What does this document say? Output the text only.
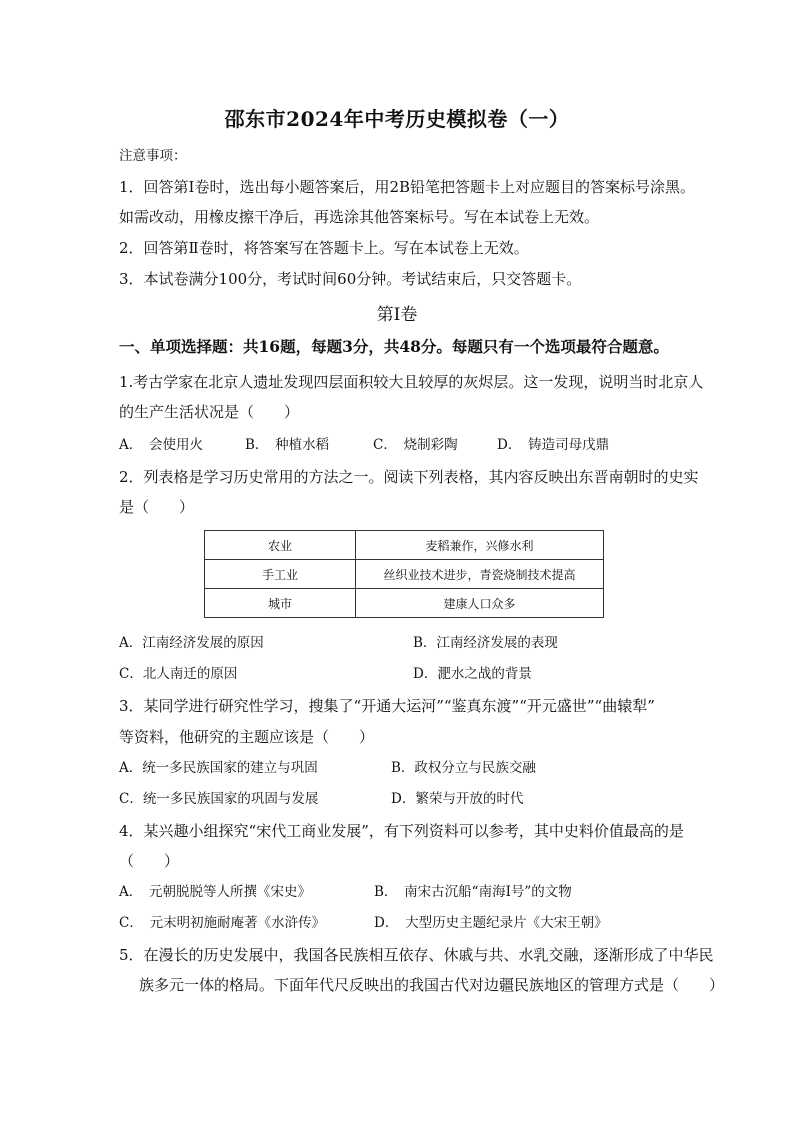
邵东市2024年中考历史模拟卷（一）
注意事项：
1．回答第Ⅰ卷时，选出每小题答案后，用2B铅笔把答题卡上对应题目的答案标号涂黑。
如需改动，用橡皮擦干净后，再选涂其他答案标号。写在本试卷上无效。
2．回答第Ⅱ卷时，将答案写在答题卡上。写在本试卷上无效。
3．本试卷满分100分，考试时间60分钟。考试结束后，只交答题卡。
第Ⅰ卷
一、单项选择题：共16题，每题3分，共48分。每题只有一个选项最符合题意。
1.考古学家在北京人遗址发现四层面积较大且较厚的灰烬层。这一发现，说明当时北京人
的生产生活状况是（　　）
A．　会使用火	B．　种植水稻	C．　烧制彩陶	D．　铸造司母戊鼎
2．列表格是学习历史常用的方法之一。阅读下列表格，其内容反映出东晋南朝时的史实
是（　　）
农业	麦稻兼作，兴修水利
手工业	丝织业技术进步，青瓷烧制技术提高
城市	建康人口众多
A．江南经济发展的原因	B．江南经济发展的表现
C．北人南迁的原因	D．淝水之战的背景
3．某同学进行研究性学习，搜集了“开通大运河”“鉴真东渡”“开元盛世”“曲辕犁”
等资料，他研究的主题应该是（　　）
A．统一多民族国家的建立与巩固	B．政权分立与民族交融
C．统一多民族国家的巩固与发展	D．繁荣与开放的时代
4．某兴趣小组探究“宋代工商业发展”，有下列资料可以参考，其中史料价值最高的是
（　　）
A．　元朝脱脱等人所撰《宋史》	B．　南宋古沉船“南海Ⅰ号”的文物
C．　元末明初施耐庵著《水浒传》	D．　大型历史主题纪录片《大宋王朝》
5．在漫长的历史发展中，我国各民族相互依存、休戚与共、水乳交融，逐渐形成了中华民
族多元一体的格局。下面年代尺反映出的我国古代对边疆民族地区的管理方式是（　　）
